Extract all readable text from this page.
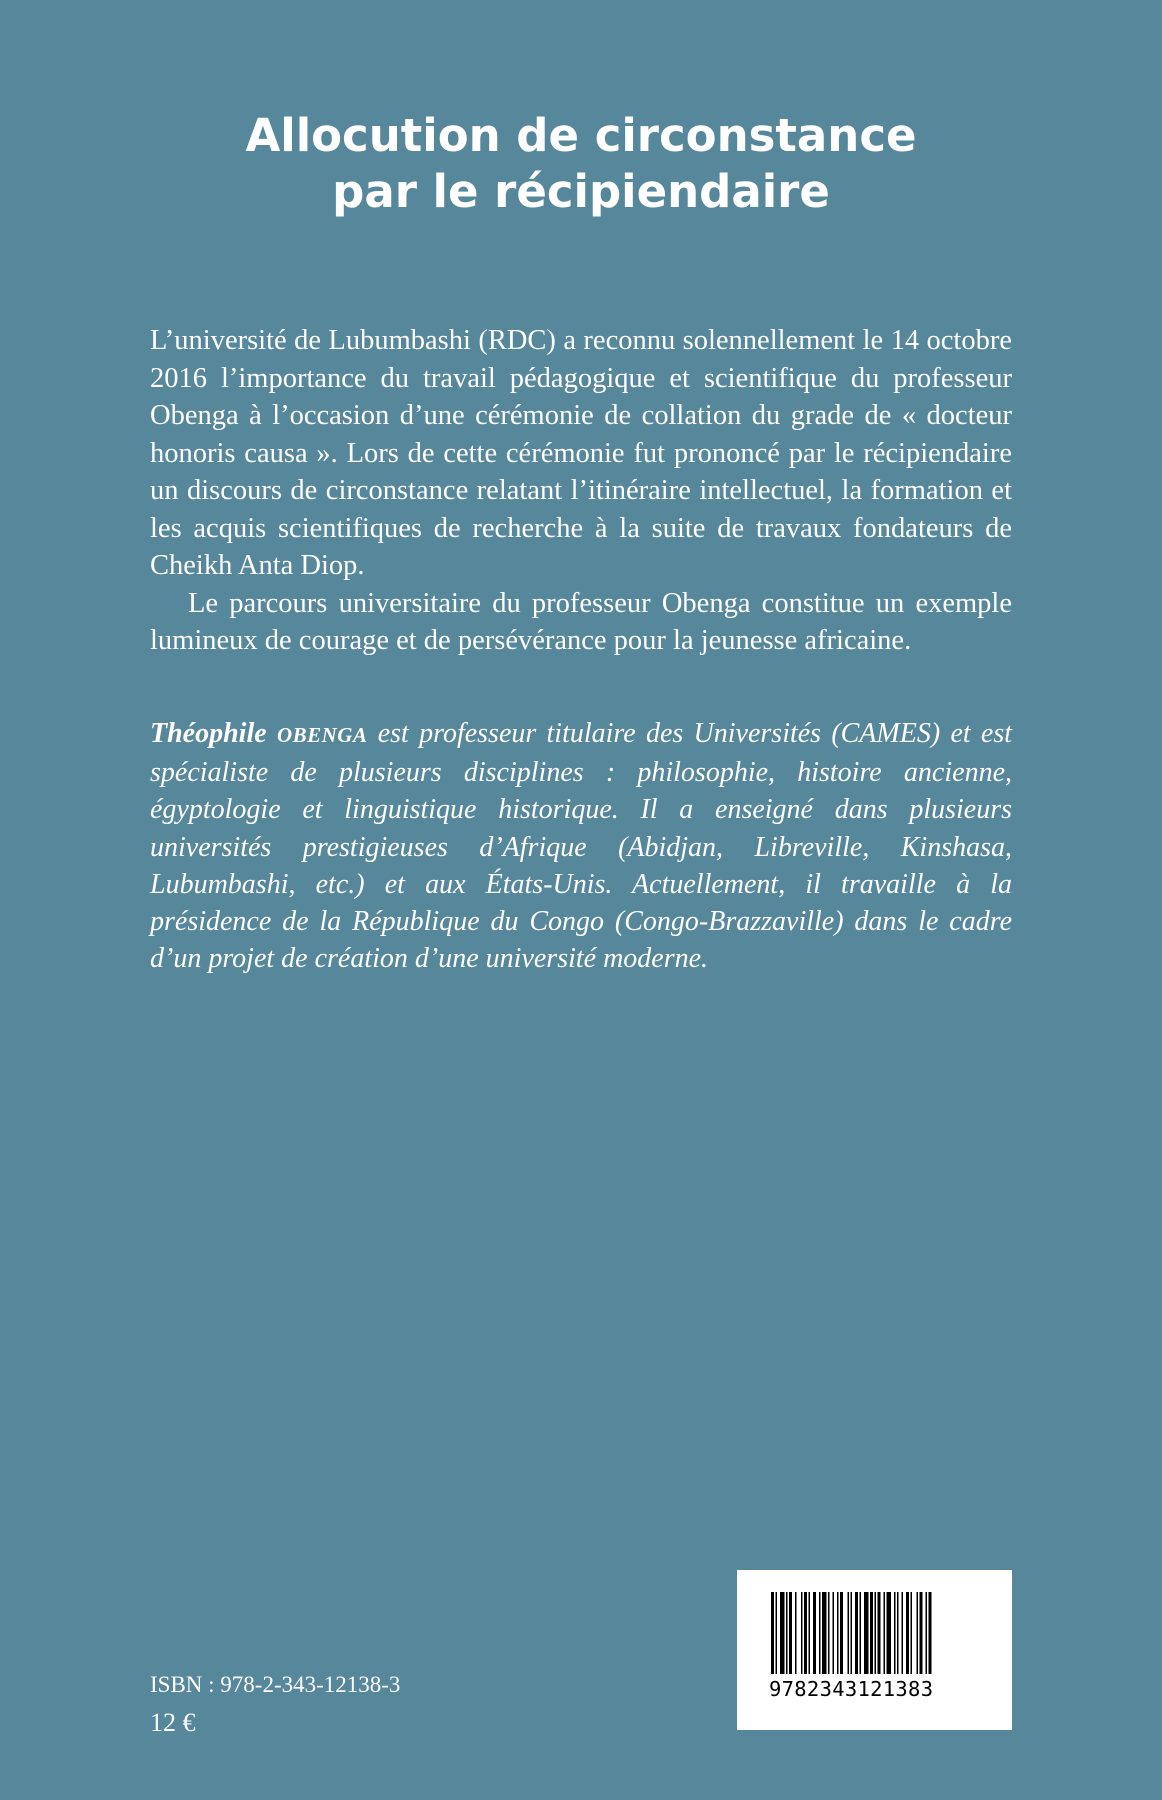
Allocution de circonstance
par le récipiendaire

L’université de Lubumbashi (RDC) a reconnu solennellement le 14 octobre 2016 l’importance du travail pédagogique et scientifique du professeur Obenga à l’occasion d’une cérémonie de collation du grade de « docteur honoris causa ». Lors de cette cérémonie fut prononcé par le récipiendaire un discours de circonstance relatant l’itinéraire intellectuel, la formation et les acquis scientifiques de recherche à la suite de travaux fondateurs de Cheikh Anta Diop.

Le parcours universitaire du professeur Obenga constitue un exemple lumineux de courage et de persévérance pour la jeunesse africaine.

Théophile OBENGA est professeur titulaire des Universités (CAMES) et est spécialiste de plusieurs disciplines : philosophie, histoire ancienne, égyptologie et linguistique historique. Il a enseigné dans plusieurs universités prestigieuses d’Afrique (Abidjan, Libreville, Kinshasa, Lubumbashi, etc.) et aux États-Unis. Actuellement, il travaille à la présidence de la République du Congo (Congo-Brazzaville) dans le cadre d’un projet de création d’une université moderne.

ISBN : 978-2-343-12138-3

12 €

9782343121383
